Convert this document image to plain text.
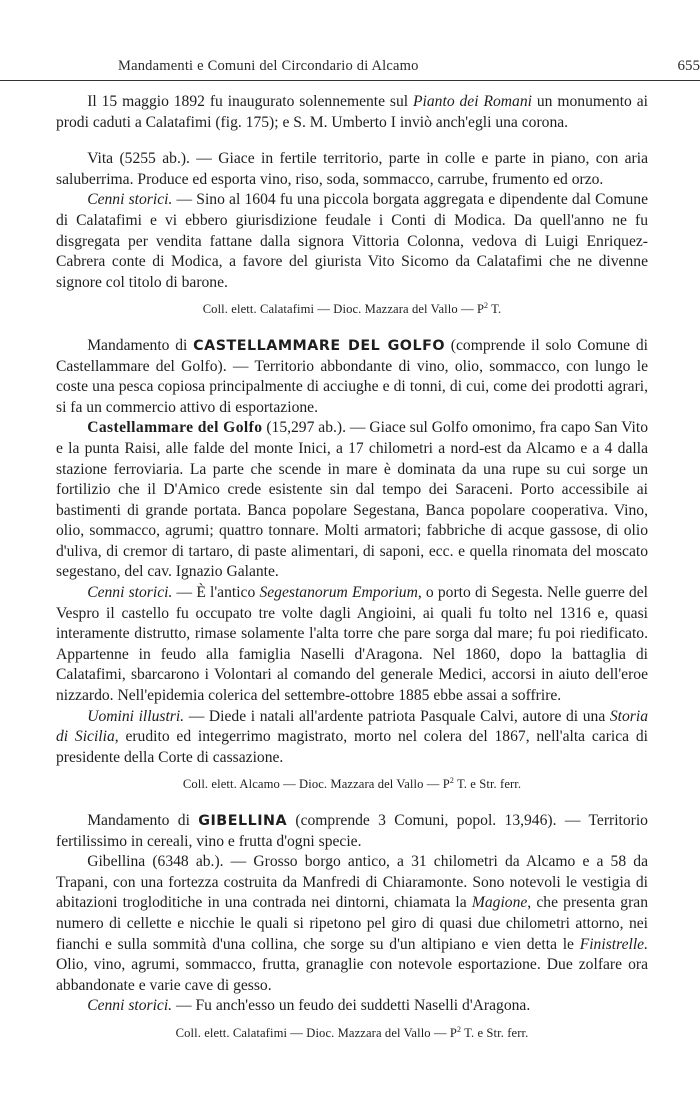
Mandamenti e Comuni del Circondario di Alcamo	655

Il 15 maggio 1892 fu inaugurato solennemente sul Pianto dei Romani un monumento ai prodi caduti a Calatafimi (fig. 175); e S. M. Umberto I inviò anch'egli una corona.

Vita (5255 ab.). — Giace in fertile territorio, parte in colle e parte in piano, con aria saluberrima. Produce ed esporta vino, riso, soda, sommacco, carrube, frumento ed orzo.

Cenni storici. — Sino al 1604 fu una piccola borgata aggregata e dipendente dal Comune di Calatafimi e vi ebbero giurisdizione feudale i Conti di Modica. Da quell'anno ne fu disgregata per vendita fattane dalla signora Vittoria Colonna, vedova di Luigi Enriquez-Cabrera conte di Modica, a favore del giurista Vito Sicomo da Calatafimi che ne divenne signore col titolo di barone.

Coll. elett. Calatafimi — Dioc. Mazzara del Vallo — $P^2$ T.

Mandamento di CASTELLAMMARE DEL GOLFO (comprende il solo Comune di Castellammare del Golfo). — Territorio abbondante di vino, olio, sommacco, con lungo le coste una pesca copiosa principalmente di acciughe e di tonni, di cui, come dei prodotti agrari, si fa un commercio attivo di esportazione.

Castellammare del Golfo (15,297 ab.). — Giace sul Golfo omonimo, fra capo San Vito e la punta Raisi, alle falde del monte Inici, a 17 chilometri a nord-est da Alcamo e a 4 dalla stazione ferroviaria. La parte che scende in mare è dominata da una rupe su cui sorge un fortilizio che il D'Amico crede esistente sin dal tempo dei Saraceni. Porto accessibile ai bastimenti di grande portata. Banca popolare Segestana, Banca popolare cooperativa. Vino, olio, sommacco, agrumi; quattro tonnare. Molti armatori; fabbriche di acque gassose, di olio d'uliva, di cremor di tartaro, di paste alimentari, di saponi, ecc. e quella rinomata del moscato segestano, del cav. Ignazio Galante.

Cenni storici. — È l'antico Segestanorum Emporium, o porto di Segesta. Nelle guerre del Vespro il castello fu occupato tre volte dagli Angioini, ai quali fu tolto nel 1316 e, quasi interamente distrutto, rimase solamente l'alta torre che pare sorga dal mare; fu poi riedificato. Appartenne in feudo alla famiglia Naselli d'Aragona. Nel 1860, dopo la battaglia di Calatafimi, sbarcarono i Volontari al comando del generale Medici, accorsi in aiuto dell'eroe nizzardo. Nell'epidemia colerica del settembre-ottobre 1885 ebbe assai a soffrire.

Uomini illustri. — Diede i natali all'ardente patriota Pasquale Calvi, autore di una Storia di Sicilia, erudito ed integerrimo magistrato, morto nel colera del 1867, nell'alta carica di presidente della Corte di cassazione.

Coll. elett. Alcamo — Dioc. Mazzara del Vallo — $P^2$ T. e Str. ferr.

Mandamento di GIBELLINA (comprende 3 Comuni, popol. 13,946). — Territorio fertilissimo in cereali, vino e frutta d'ogni specie.

Gibellina (6348 ab.). — Grosso borgo antico, a 31 chilometri da Alcamo e a 58 da Trapani, con una fortezza costruita da Manfredi di Chiaramonte. Sono notevoli le vestigia di abitazioni trogloditiche in una contrada nei dintorni, chiamata la Magione, che presenta gran numero di cellette e nicchie le quali si ripetono pel giro di quasi due chilometri attorno, nei fianchi e sulla sommità d'una collina, che sorge su d'un altipiano e vien detta le Finistrelle. Olio, vino, agrumi, sommacco, frutta, granaglie con notevole esportazione. Due zolfare ora abbandonate e varie cave di gesso.

Cenni storici. — Fu anch'esso un feudo dei suddetti Naselli d'Aragona.

Coll. elett. Calatafimi — Dioc. Mazzara del Vallo — $P^2$ T. e Str. ferr.
